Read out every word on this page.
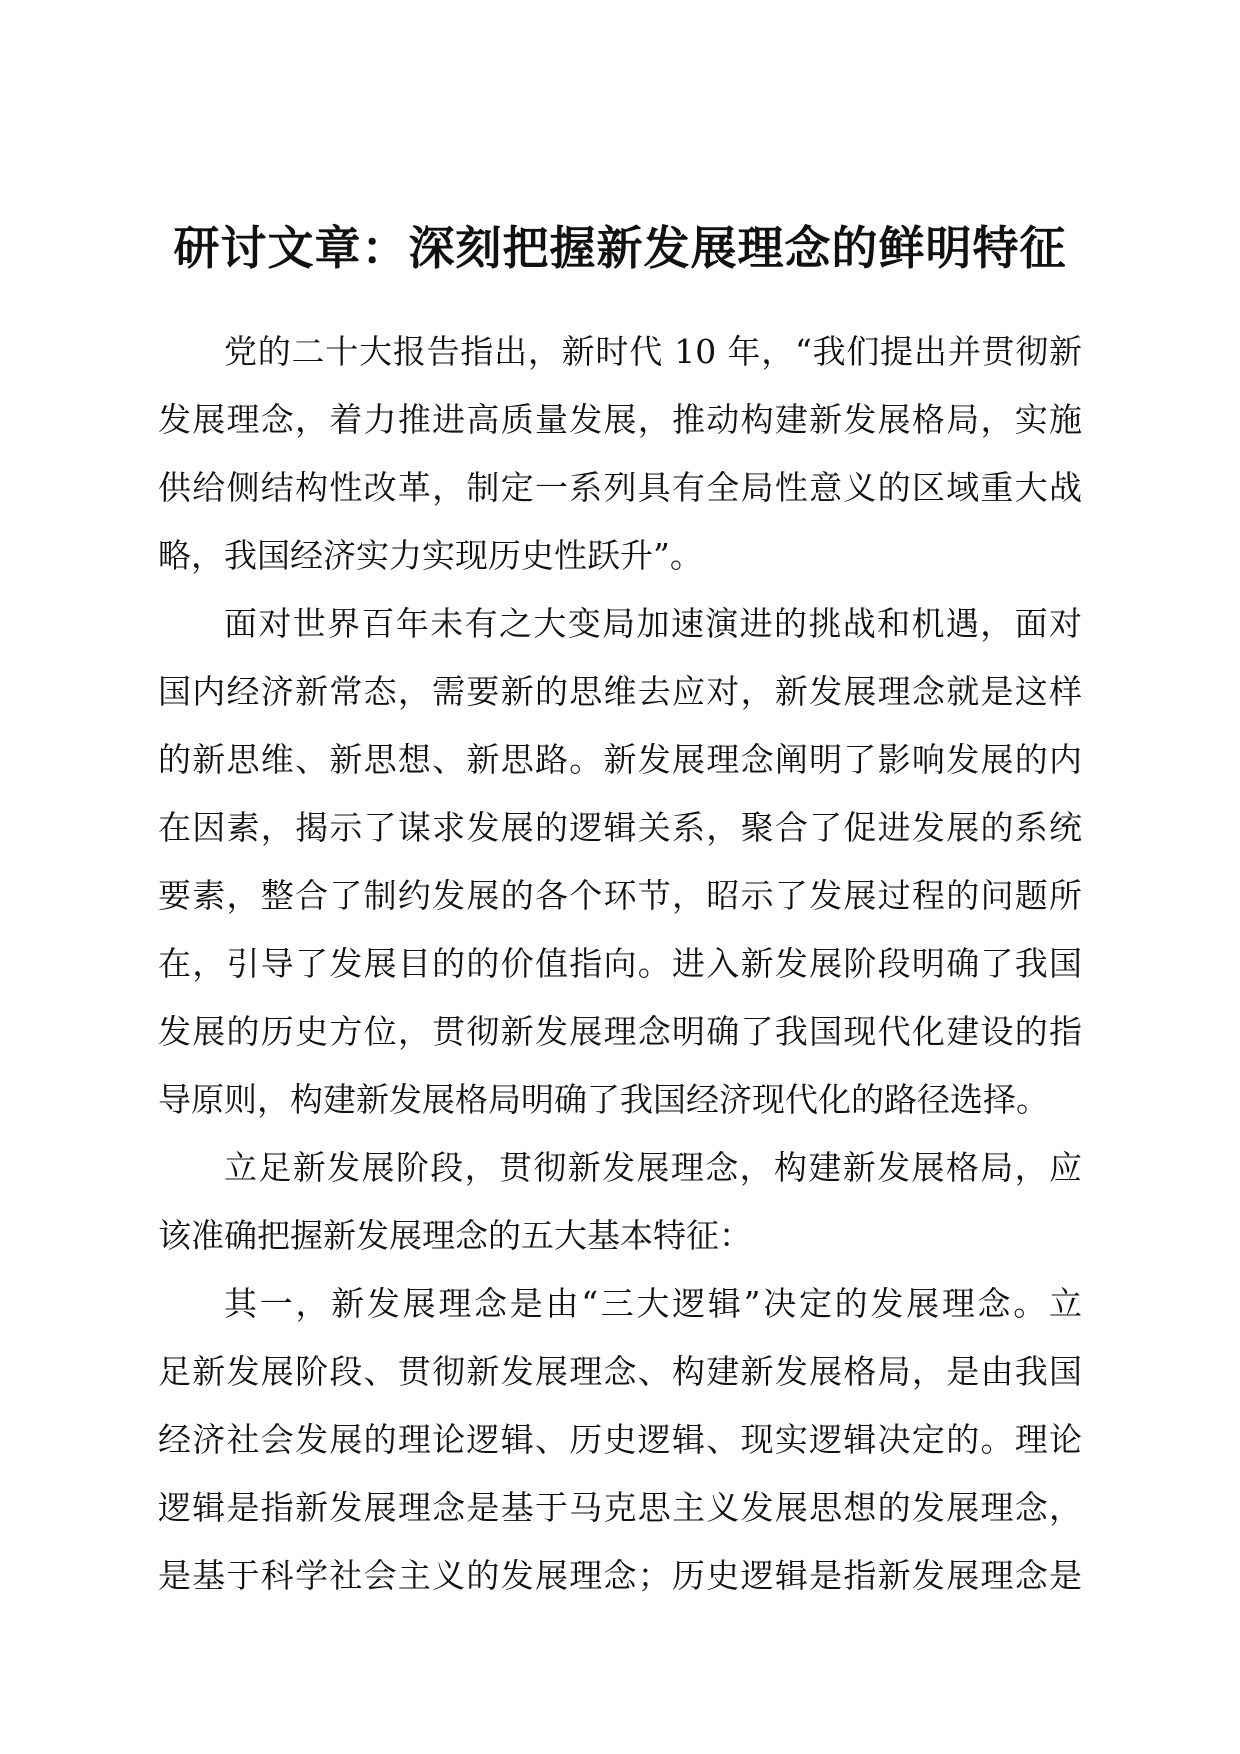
研讨文章：深刻把握新发展理念的鲜明特征
党的二十大报告指出，新时代 10 年，“我们提出并贯彻新
发展理念，着力推进高质量发展，推动构建新发展格局，实施
供给侧结构性改革，制定一系列具有全局性意义的区域重大战
略，我国经济实力实现历史性跃升”。
面对世界百年未有之大变局加速演进的挑战和机遇，面对
国内经济新常态，需要新的思维去应对，新发展理念就是这样
的新思维、新思想、新思路。新发展理念阐明了影响发展的内
在因素，揭示了谋求发展的逻辑关系，聚合了促进发展的系统
要素，整合了制约发展的各个环节，昭示了发展过程的问题所
在，引导了发展目的的价值指向。进入新发展阶段明确了我国
发展的历史方位，贯彻新发展理念明确了我国现代化建设的指
导原则，构建新发展格局明确了我国经济现代化的路径选择。
立足新发展阶段，贯彻新发展理念，构建新发展格局，应
该准确把握新发展理念的五大基本特征：
其一，新发展理念是由“三大逻辑”决定的发展理念。立
足新发展阶段、贯彻新发展理念、构建新发展格局，是由我国
经济社会发展的理论逻辑、历史逻辑、现实逻辑决定的。理论
逻辑是指新发展理念是基于马克思主义发展思想的发展理念，
是基于科学社会主义的发展理念；历史逻辑是指新发展理念是
